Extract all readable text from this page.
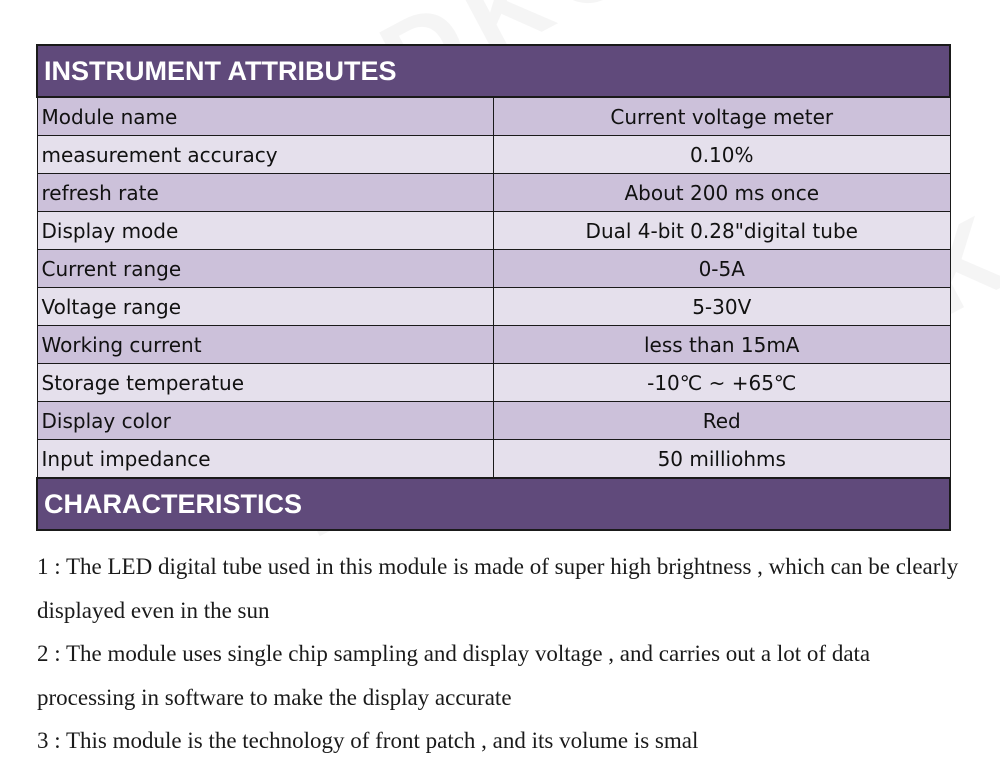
INSTRUMENT ATTRIBUTES	
Module name	Current voltage meter
measurement accuracy	0.10%
refresh rate	About 200 ms once
Display mode	Dual 4-bit 0.28"digital tube
Current range	0-5A
Voltage range	5-30V
Working current	less than 15mA
Storage temperatue	-10℃ ~ +65℃
Display color	Red
Input impedance	50 milliohms
CHARACTERISTICS	

1 : The LED digital tube used in this module is made of super high brightness , which can be clearly displayed even in the sun

2 : The module uses single chip sampling and display voltage , and carries out a lot of data processing in software to make the display accurate

3 : This module is the technology of front patch , and its volume is smal
